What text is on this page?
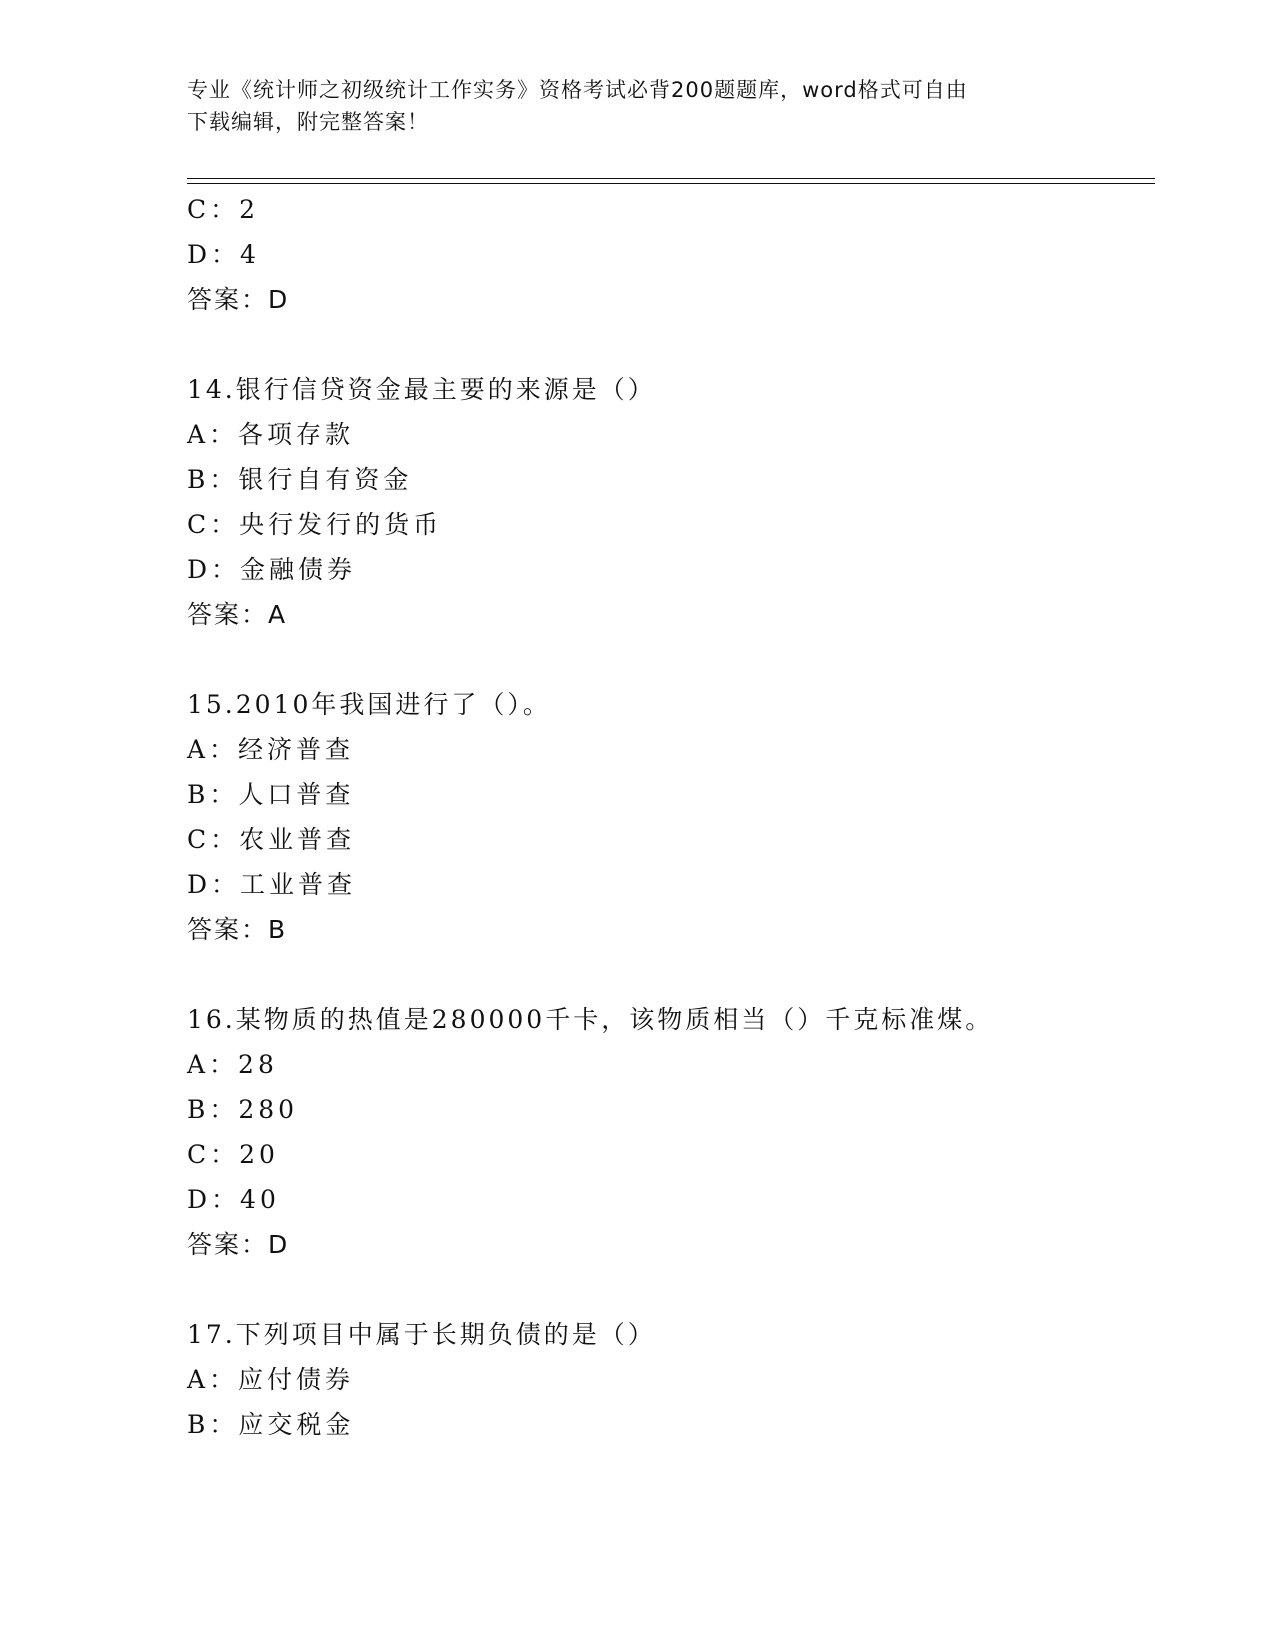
专业《统计师之初级统计工作实务》资格考试必背200题题库，word格式可自由
下载编辑，附完整答案！
C：2
D：4
答案：D
14.银行信贷资金最主要的来源是（）
A：各项存款
B：银行自有资金
C：央行发行的货币
D：金融债券
答案：A
15.2010年我国进行了（）。
A：经济普查
B：人口普查
C：农业普查
D：工业普查
答案：B
16.某物质的热值是280000千卡，该物质相当（）千克标准煤。
A：28
B：280
C：20
D：40
答案：D
17.下列项目中属于长期负债的是（）
A：应付债券
B：应交税金
